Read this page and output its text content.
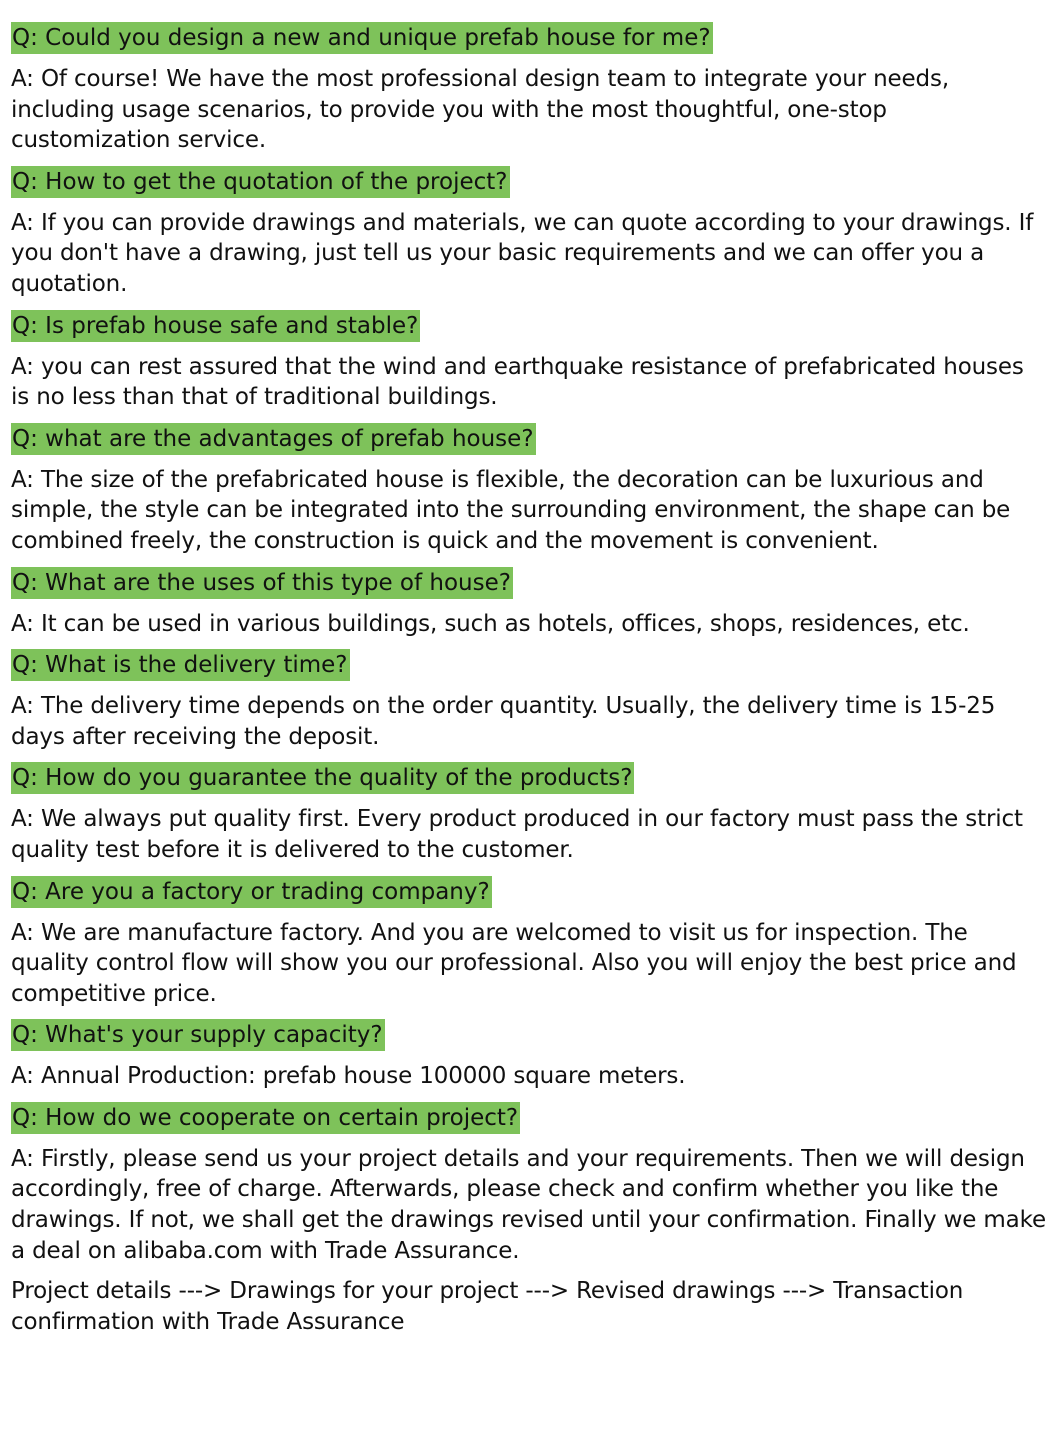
Q: Could you design a new and unique prefab house for me?

A: Of course! We have the most professional design team to integrate your needs, including usage scenarios, to provide you with the most thoughtful, one-stop customization service.

Q: How to get the quotation of the project?

A: If you can provide drawings and materials, we can quote according to your drawings. If you don't have a drawing, just tell us your basic requirements and we can offer you a quotation.

Q: Is prefab house safe and stable?

A: you can rest assured that the wind and earthquake resistance of prefabricated houses is no less than that of traditional buildings.

Q: what are the advantages of prefab house?

A: The size of the prefabricated house is flexible, the decoration can be luxurious and simple, the style can be integrated into the surrounding environment, the shape can be combined freely, the construction is quick and the movement is convenient.

Q: What are the uses of this type of house?

A: It can be used in various buildings, such as hotels, offices, shops, residences, etc.

Q: What is the delivery time?

A: The delivery time depends on the order quantity. Usually, the delivery time is 15-25 days after receiving the deposit.

Q: How do you guarantee the quality of the products?

A: We always put quality first. Every product produced in our factory must pass the strict quality test before it is delivered to the customer.

Q: Are you a factory or trading company?

A: We are manufacture factory. And you are welcomed to visit us for inspection. The quality control flow will show you our professional. Also you will enjoy the best price and competitive price.

Q: What's your supply capacity?

A: Annual Production: prefab house 100000 square meters.

Q: How do we cooperate on certain project?

A: Firstly, please send us your project details and your requirements. Then we will design accordingly, free of charge. Afterwards, please check and confirm whether you like the drawings. If not, we shall get the drawings revised until your confirmation. Finally we make a deal on alibaba.com with Trade Assurance.

Project details ---> Drawings for your project ---> Revised drawings ---> Transaction confirmation with Trade Assurance
